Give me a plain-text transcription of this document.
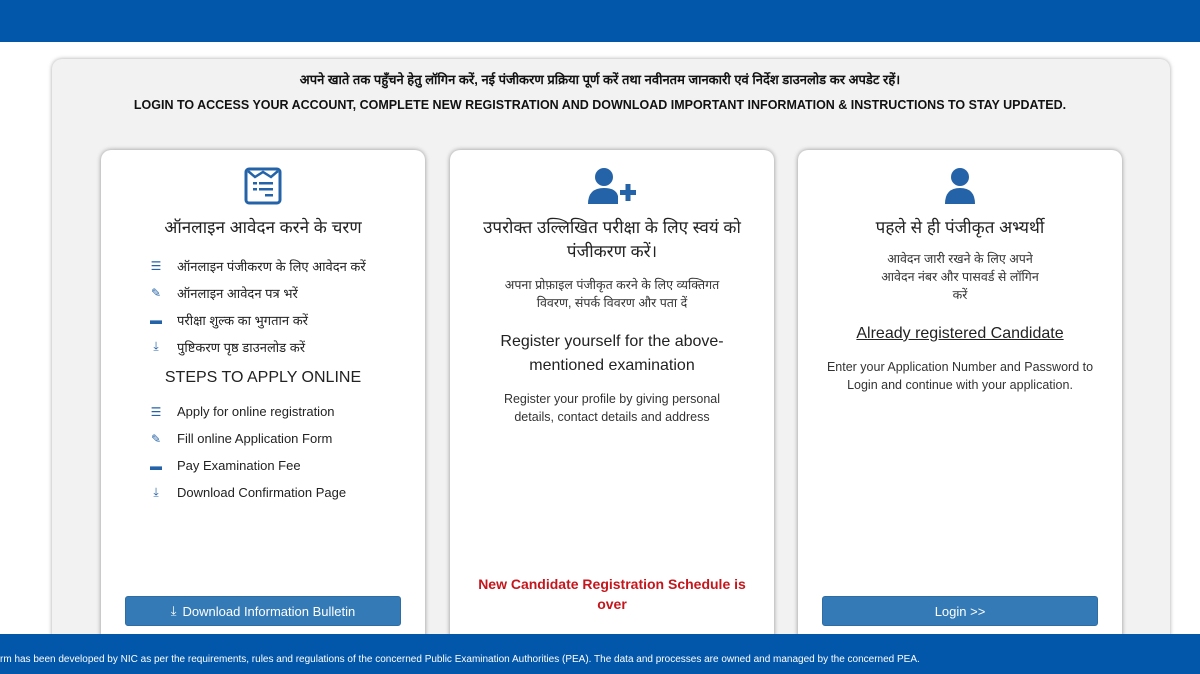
अपने खाते तक पहुँचने हेतु लॉगिन करें, नई पंजीकरण प्रक्रिया पूर्ण करें तथा नवीनतम जानकारी एवं निर्देश डाउनलोड कर अपडेट रहें।
LOGIN TO ACCESS YOUR ACCOUNT, COMPLETE NEW REGISTRATION AND DOWNLOAD IMPORTANT INFORMATION & INSTRUCTIONS TO STAY UPDATED.
ऑनलाइन आवेदन करने के चरण
☰ ऑनलाइन पंजीकरण के लिए आवेदन करें
✎ ऑनलाइन आवेदन पत्र भरें
▬ परीक्षा शुल्क का भुगतान करें
⤓	पुष्टिकरण पृष्ठ डाउनलोड करें
STEPS TO APPLY ONLINE
☰ Apply for online registration
✎ Fill online Application Form
▬ Pay Examination Fee
⤓	Download Confirmation Page
⤓ Download Information Bulletin
उपरोक्त उल्लिखित परीक्षा के लिए स्वयं को पंजीकरण करें।
अपना प्रोफ़ाइल पंजीकृत करने के लिए व्यक्तिगत विवरण, संपर्क विवरण और पता दें
Register yourself for the above-mentioned examination
Register your profile by giving personal details, contact details and address
New Candidate Registration Schedule is over
पहले से ही पंजीकृत अभ्यर्थी
आवेदन जारी रखने के लिए अपने आवेदन नंबर और पासवर्ड से लॉगिन करें
Already registered Candidate
Enter your Application Number and Password to Login and continue with your application.
Login >>
rm has been developed by NIC as per the requirements, rules and regulations of the concerned Public Examination Authorities (PEA). The data and processes are owned and managed by the concerned PEA.
